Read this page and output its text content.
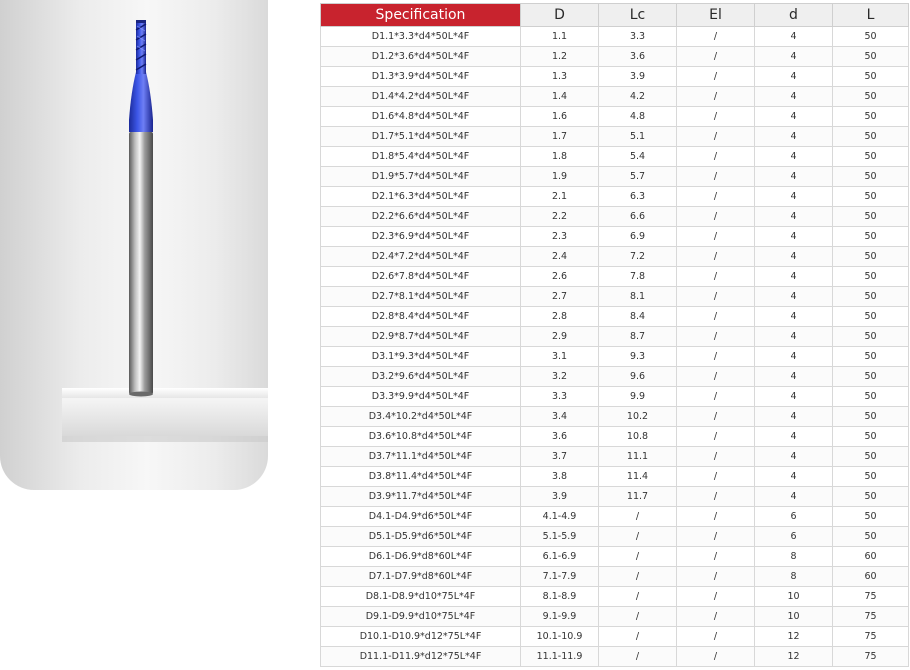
Specification	D	Lc	El	d	L
D1.1*3.3*d4*50L*4F	1.1	3.3	/	4	50
D1.2*3.6*d4*50L*4F	1.2	3.6	/	4	50
D1.3*3.9*d4*50L*4F	1.3	3.9	/	4	50
D1.4*4.2*d4*50L*4F	1.4	4.2	/	4	50
D1.6*4.8*d4*50L*4F	1.6	4.8	/	4	50
D1.7*5.1*d4*50L*4F	1.7	5.1	/	4	50
D1.8*5.4*d4*50L*4F	1.8	5.4	/	4	50
D1.9*5.7*d4*50L*4F	1.9	5.7	/	4	50
D2.1*6.3*d4*50L*4F	2.1	6.3	/	4	50
D2.2*6.6*d4*50L*4F	2.2	6.6	/	4	50
D2.3*6.9*d4*50L*4F	2.3	6.9	/	4	50
D2.4*7.2*d4*50L*4F	2.4	7.2	/	4	50
D2.6*7.8*d4*50L*4F	2.6	7.8	/	4	50
D2.7*8.1*d4*50L*4F	2.7	8.1	/	4	50
D2.8*8.4*d4*50L*4F	2.8	8.4	/	4	50
D2.9*8.7*d4*50L*4F	2.9	8.7	/	4	50
D3.1*9.3*d4*50L*4F	3.1	9.3	/	4	50
D3.2*9.6*d4*50L*4F	3.2	9.6	/	4	50
D3.3*9.9*d4*50L*4F	3.3	9.9	/	4	50
D3.4*10.2*d4*50L*4F	3.4	10.2	/	4	50
D3.6*10.8*d4*50L*4F	3.6	10.8	/	4	50
D3.7*11.1*d4*50L*4F	3.7	11.1	/	4	50
D3.8*11.4*d4*50L*4F	3.8	11.4	/	4	50
D3.9*11.7*d4*50L*4F	3.9	11.7	/	4	50
D4.1-D4.9*d6*50L*4F	4.1-4.9	/	/	6	50
D5.1-D5.9*d6*50L*4F	5.1-5.9	/	/	6	50
D6.1-D6.9*d8*60L*4F	6.1-6.9	/	/	8	60
D7.1-D7.9*d8*60L*4F	7.1-7.9	/	/	8	60
D8.1-D8.9*d10*75L*4F	8.1-8.9	/	/	10	75
D9.1-D9.9*d10*75L*4F	9.1-9.9	/	/	10	75
D10.1-D10.9*d12*75L*4F	10.1-10.9	/	/	12	75
D11.1-D11.9*d12*75L*4F	11.1-11.9	/	/	12	75
